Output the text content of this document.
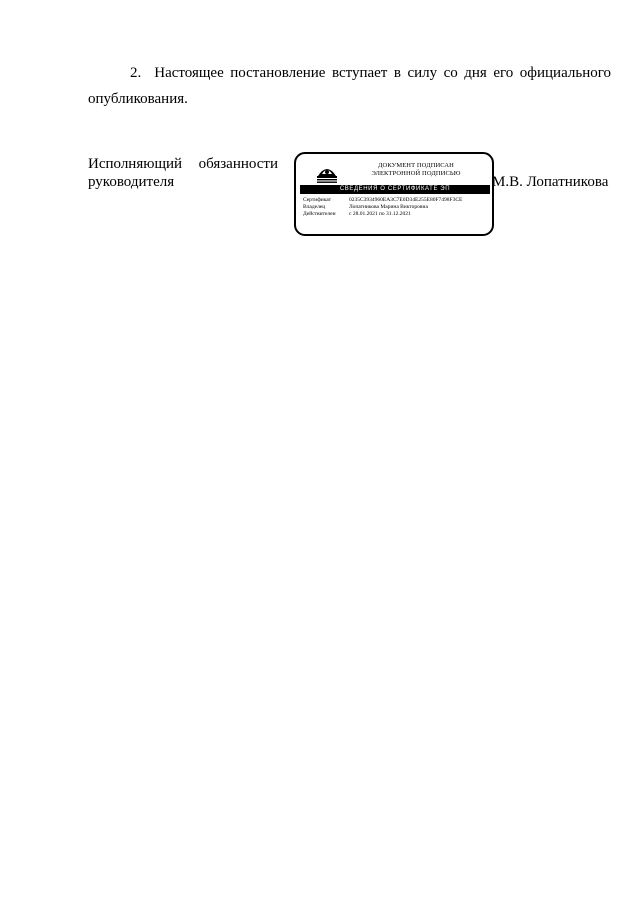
2. Настоящее постановление вступает в силу со дня его официального опубликования.

Исполняющий обязанности
руководителя
ДОКУМЕНТ ПОДПИСАН
ЭЛЕКТРОННОЙ ПОДПИСЬЮ
СВЕДЕНИЯ О СЕРТИФИКАТЕ ЭП
Сертификат	0235C3934960EA3C7E0D34E255E80F7498F3CE
Владелец	Лопатникова Марина Викторовна
Действителен	с 28.01.2021 по 31.12.2021
М.В. Лопатникова
